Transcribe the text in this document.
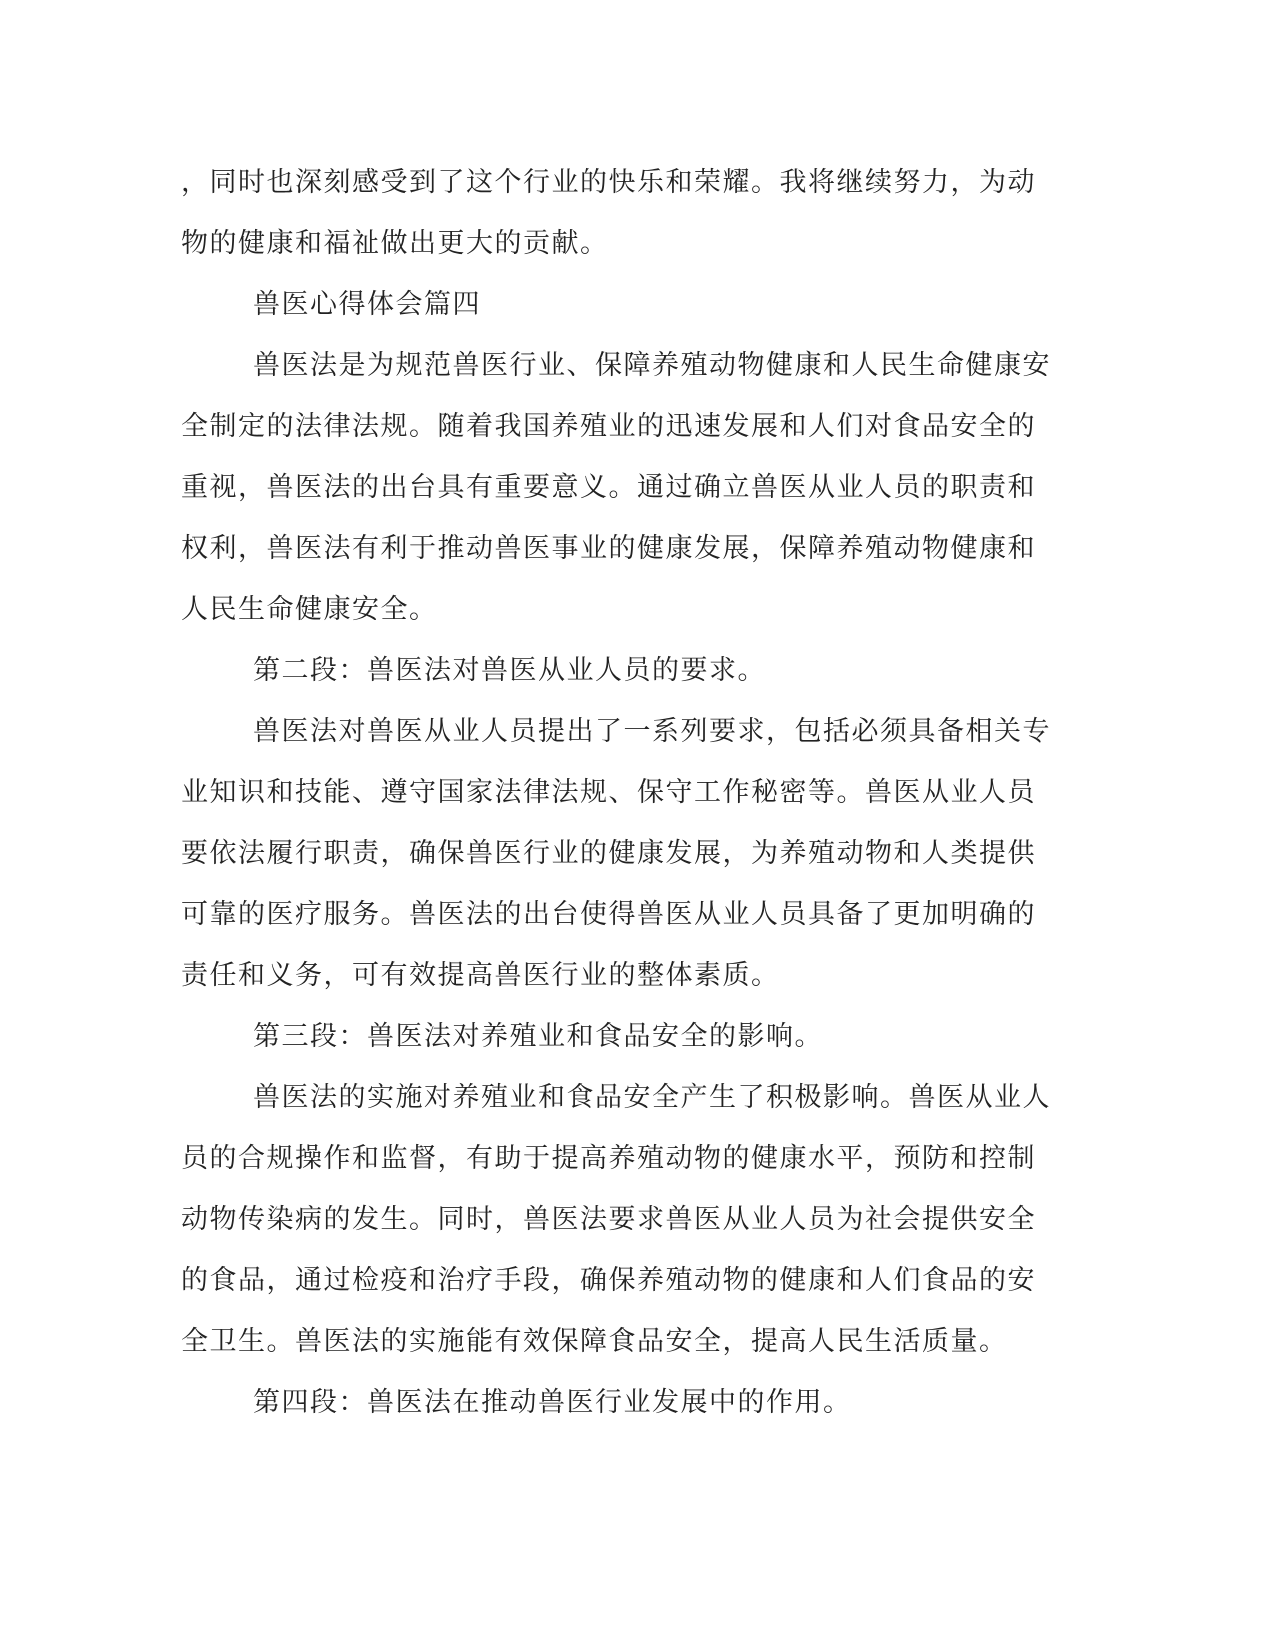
，同时也深刻感受到了这个行业的快乐和荣耀。我将继续努力，为动
物的健康和福祉做出更大的贡献。
兽医心得体会篇四
兽医法是为规范兽医行业、保障养殖动物健康和人民生命健康安
全制定的法律法规。随着我国养殖业的迅速发展和人们对食品安全的
重视，兽医法的出台具有重要意义。通过确立兽医从业人员的职责和
权利，兽医法有利于推动兽医事业的健康发展，保障养殖动物健康和
人民生命健康安全。
第二段：兽医法对兽医从业人员的要求。
兽医法对兽医从业人员提出了一系列要求，包括必须具备相关专
业知识和技能、遵守国家法律法规、保守工作秘密等。兽医从业人员
要依法履行职责，确保兽医行业的健康发展，为养殖动物和人类提供
可靠的医疗服务。兽医法的出台使得兽医从业人员具备了更加明确的
责任和义务，可有效提高兽医行业的整体素质。
第三段：兽医法对养殖业和食品安全的影响。
兽医法的实施对养殖业和食品安全产生了积极影响。兽医从业人
员的合规操作和监督，有助于提高养殖动物的健康水平，预防和控制
动物传染病的发生。同时，兽医法要求兽医从业人员为社会提供安全
的食品，通过检疫和治疗手段，确保养殖动物的健康和人们食品的安
全卫生。兽医法的实施能有效保障食品安全，提高人民生活质量。
第四段：兽医法在推动兽医行业发展中的作用。
